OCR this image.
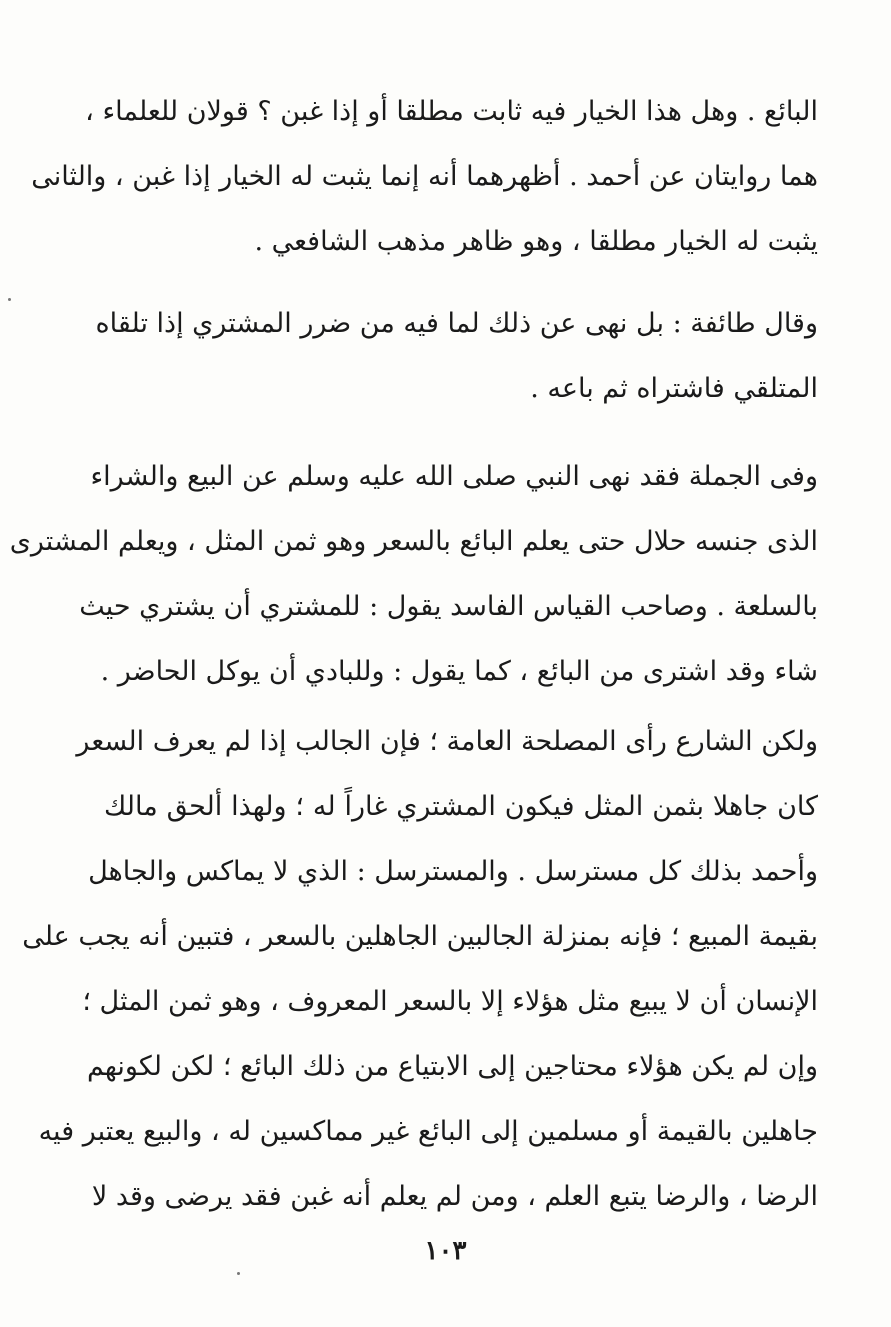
البائع . وهل هذا الخيار فيه ثابت مطلقا أو إذا غبن ؟ قولان للعلماء ،
هما روايتان عن أحمد . أظهرهما أنه إنما يثبت له الخيار إذا غبن ، والثانى
يثبت له الخيار مطلقا ، وهو ظاهر مذهب الشافعي .
وقال طائفة : بل نهى عن ذلك لما فيه من ضرر المشتري إذا تلقاه
المتلقي فاشتراه ثم باعه .
وفى الجملة فقد نهى النبي صلى الله عليه وسلم عن البيع والشراء
الذى جنسه حلال حتى يعلم البائع بالسعر وهو ثمن المثل ، ويعلم المشترى
بالسلعة . وصاحب القياس الفاسد يقول : للمشتري أن يشتري حيث
شاء وقد اشترى من البائع ، كما يقول : وللبادي أن يوكل الحاضر .
ولكن الشارع رأى المصلحة العامة ؛ فإن الجالب إذا لم يعرف السعر
كان جاهلا بثمن المثل فيكون المشتري غاراً له ؛ ولهذا ألحق مالك
وأحمد بذلك كل مسترسل . والمسترسل : الذي لا يماكس والجاهل
بقيمة المبيع ؛ فإنه بمنزلة الجالبين الجاهلين بالسعر ، فتبين أنه يجب على
الإنسان أن لا يبيع مثل هؤلاء إلا بالسعر المعروف ، وهو ثمن المثل ؛
وإن لم يكن هؤلاء محتاجين إلى الابتياع من ذلك البائع ؛ لكن لكونهم
جاهلين بالقيمة أو مسلمين إلى البائع غير مماكسين له ، والبيع يعتبر فيه
الرضا ، والرضا يتبع العلم ، ومن لم يعلم أنه غبن فقد يرضى وقد لا
١٠٣
